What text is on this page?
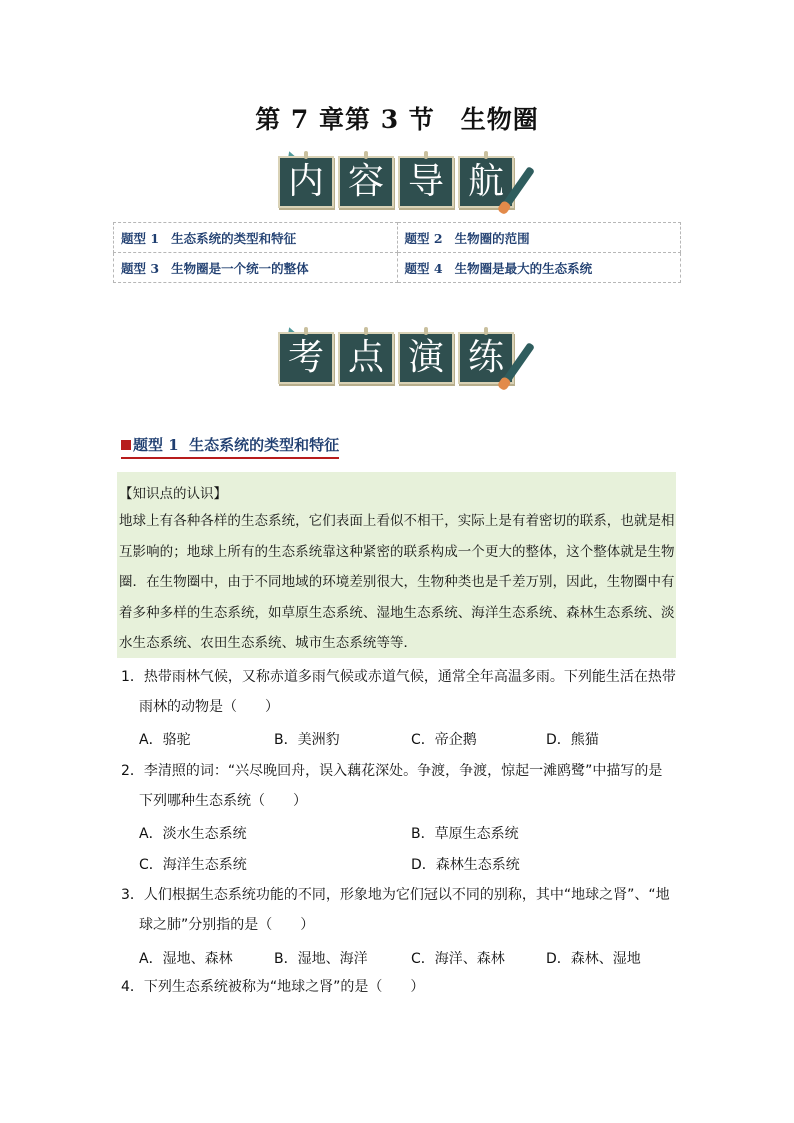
第 7 章第 3 节　生物圈
内 容 导 航
题型 1 生态系统的类型和特征	题型 2 生物圈的范围
题型 3 生物圈是一个统一的整体	题型 4 生物圈是最大的生态系统
考 点 演 练
题型 1 生态系统的类型和特征
【知识点的认识】
地球上有各种各样的生态系统，它们表面上看似不相干，实际上是有着密切的联系，也就是相互影响的；地球上所有的生态系统靠这种紧密的联系构成一个更大的整体，这个整体就是生物圈．在生物圈中，由于不同地域的环境差别很大，生物种类也是千差万别，因此，生物圈中有着多种多样的生态系统，如草原生态系统、湿地生态系统、海洋生态系统、森林生态系统、淡水生态系统、农田生态系统、城市生态系统等等．
1．热带雨林气候，又称赤道多雨气候或赤道气候，通常全年高温多雨。下列能生活在热带
雨林的动物是（　　）
A．骆驼	B．美洲豹	C．帝企鹅	D．熊猫
2．李清照的词：“兴尽晚回舟，误入藕花深处。争渡，争渡，惊起一滩鸥鹭”中描写的是
下列哪种生态系统（　　）
A．淡水生态系统	B．草原生态系统
C．海洋生态系统	D．森林生态系统
3．人们根据生态系统功能的不同，形象地为它们冠以不同的别称，其中“地球之肾”、“地
球之肺”分别指的是（　　）
A．湿地、森林	B．湿地、海洋	C．海洋、森林	D．森林、湿地
4．下列生态系统被称为“地球之肾”的是（　　）
